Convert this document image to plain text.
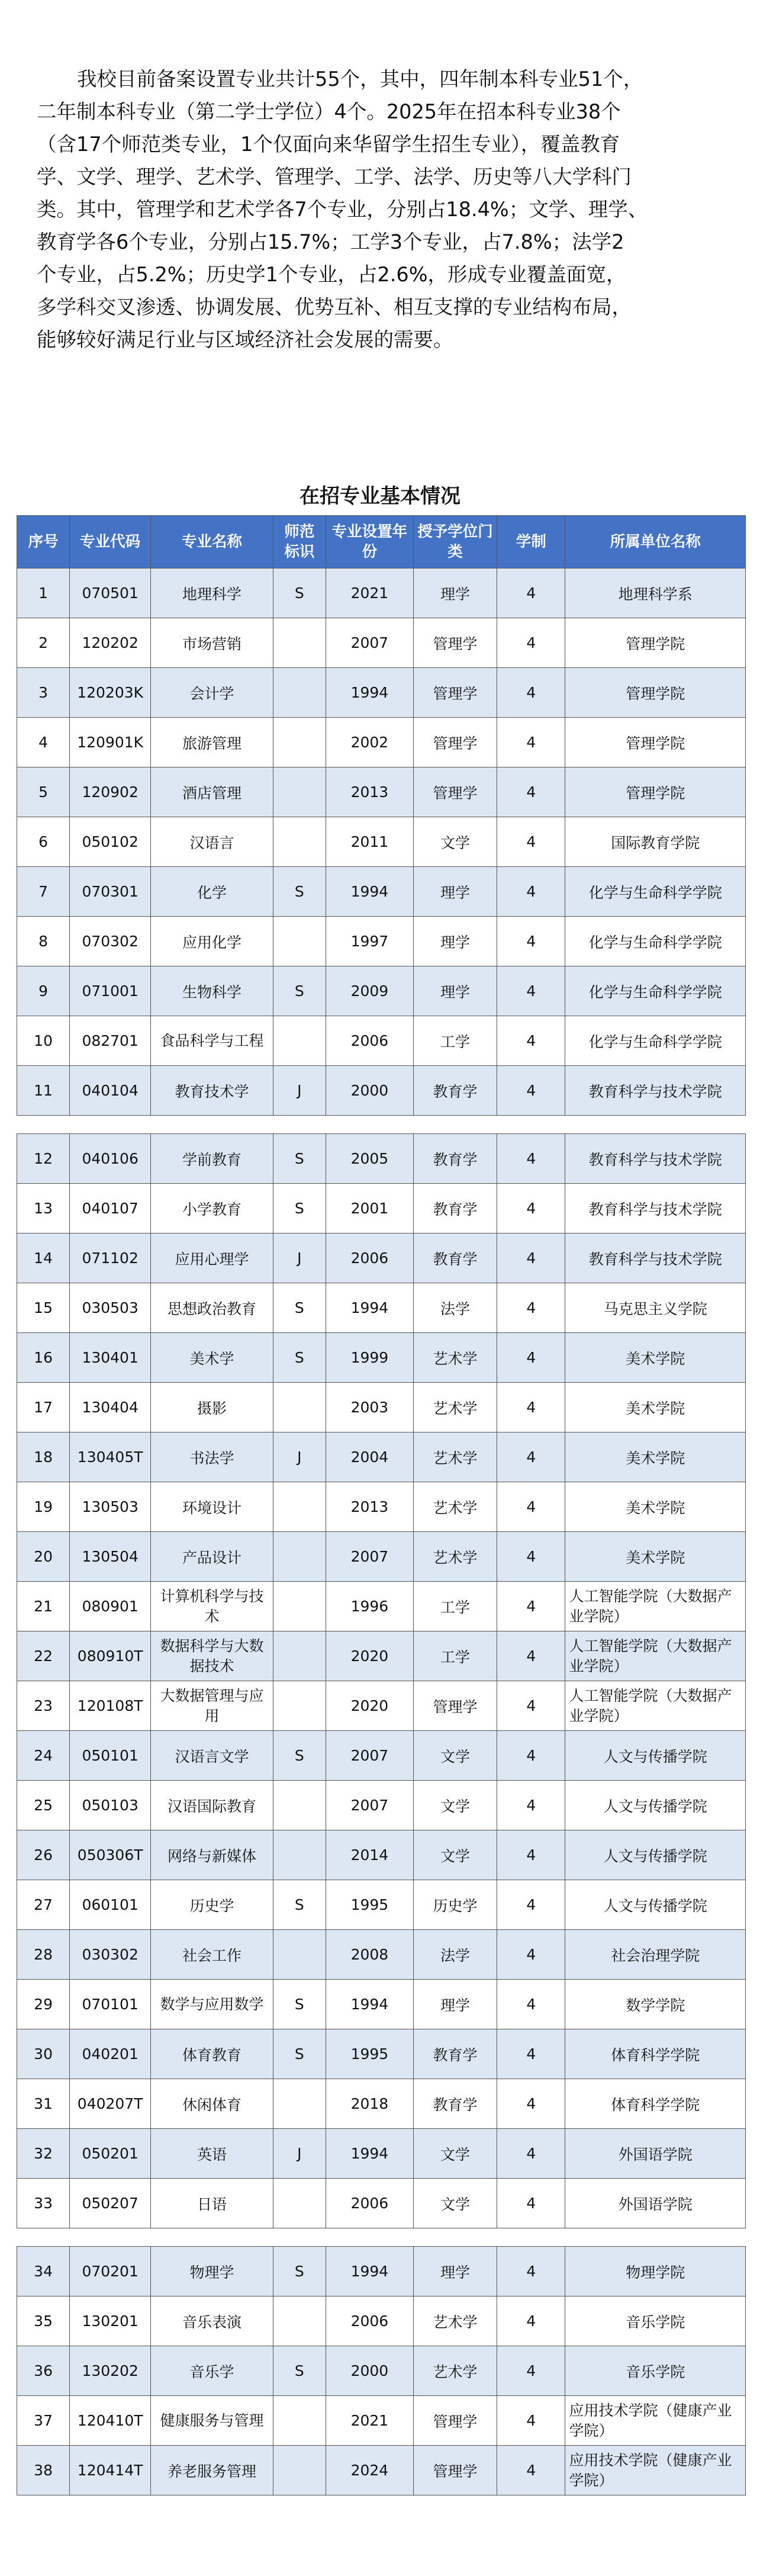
我校目前备案设置专业共计55个，其中，四年制本科专业51个，
二年制本科专业（第二学士学位）4个。2025年在招本科专业38个
（含17个师范类专业，1个仅面向来华留学生招生专业），覆盖教育
学、文学、理学、艺术学、管理学、工学、法学、历史等八大学科门
类。其中，管理学和艺术学各7个专业，分别占18.4%；文学、理学、
教育学各6个专业，分别占15.7%；工学3个专业，占7.8%；法学2
个专业，占5.2%；历史学1个专业，占2.6%，形成专业覆盖面宽，
多学科交叉渗透、协调发展、优势互补、相互支撑的专业结构布局，
能够较好满足行业与区域经济社会发展的需要。

在招专业基本情况
序号	专业代码	专业名称	师范标识	专业设置年份	授予学位门类	学制	所属单位名称
1	070501	地理科学	S	2021	理学	4	地理科学系
2	120202	市场营销		2007	管理学	4	管理学院
3	120203K	会计学		1994	管理学	4	管理学院
4	120901K	旅游管理		2002	管理学	4	管理学院
5	120902	酒店管理		2013	管理学	4	管理学院
6	050102	汉语言		2011	文学	4	国际教育学院
7	070301	化学	S	1994	理学	4	化学与生命科学学院
8	070302	应用化学		1997	理学	4	化学与生命科学学院
9	071001	生物科学	S	2009	理学	4	化学与生命科学学院
10	082701	食品科学与工程		2006	工学	4	化学与生命科学学院
11	040104	教育技术学	J	2000	教育学	4	教育科学与技术学院

12	040106	学前教育	S	2005	教育学	4	教育科学与技术学院
13	040107	小学教育	S	2001	教育学	4	教育科学与技术学院
14	071102	应用心理学	J	2006	教育学	4	教育科学与技术学院
15	030503	思想政治教育	S	1994	法学	4	马克思主义学院
16	130401	美术学	S	1999	艺术学	4	美术学院
17	130404	摄影		2003	艺术学	4	美术学院
18	130405T	书法学	J	2004	艺术学	4	美术学院
19	130503	环境设计		2013	艺术学	4	美术学院
20	130504	产品设计		2007	艺术学	4	美术学院
21	080901	计算机科学与技术		1996	工学	4	人工智能学院（大数据产业学院）
22	080910T	数据科学与大数据技术		2020	工学	4	人工智能学院（大数据产业学院）
23	120108T	大数据管理与应用		2020	管理学	4	人工智能学院（大数据产业学院）
24	050101	汉语言文学	S	2007	文学	4	人文与传播学院
25	050103	汉语国际教育		2007	文学	4	人文与传播学院
26	050306T	网络与新媒体		2014	文学	4	人文与传播学院
27	060101	历史学	S	1995	历史学	4	人文与传播学院
28	030302	社会工作		2008	法学	4	社会治理学院
29	070101	数学与应用数学	S	1994	理学	4	数学学院
30	040201	体育教育	S	1995	教育学	4	体育科学学院
31	040207T	休闲体育		2018	教育学	4	体育科学学院
32	050201	英语	J	1994	文学	4	外国语学院
33	050207	日语		2006	文学	4	外国语学院

34	070201	物理学	S	1994	理学	4	物理学院
35	130201	音乐表演		2006	艺术学	4	音乐学院
36	130202	音乐学	S	2000	艺术学	4	音乐学院
37	120410T	健康服务与管理		2021	管理学	4	应用技术学院（健康产业学院）
38	120414T	养老服务管理		2024	管理学	4	应用技术学院（健康产业学院）
